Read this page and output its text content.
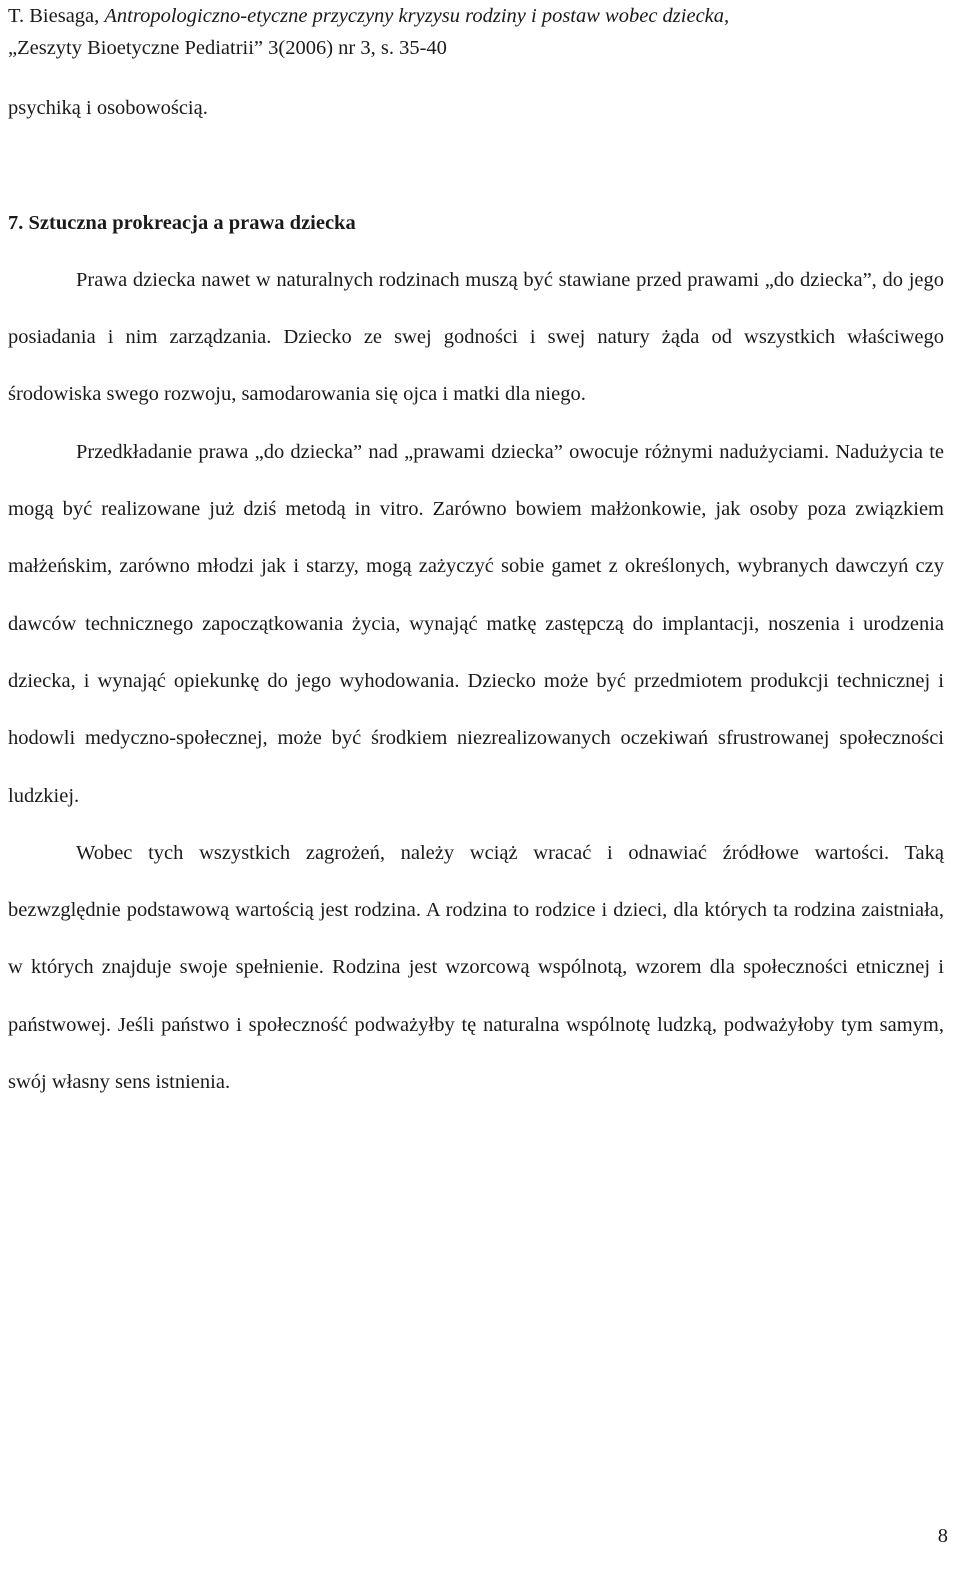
T. Biesaga, Antropologiczno-etyczne przyczyny kryzysu rodziny i postaw wobec dziecka,
„Zeszyty Bioetyczne Pediatrii” 3(2006) nr 3, s. 35-40

psychiką i osobowością.

7. Sztuczna prokreacja a prawa dziecka

Prawa dziecka nawet w naturalnych rodzinach muszą być stawiane przed prawami „do dziecka”, do jego posiadania i nim zarządzania. Dziecko ze swej godności i swej natury żąda od wszystkich właściwego środowiska swego rozwoju, samodarowania się ojca i matki dla niego.

Przedkładanie prawa „do dziecka” nad „prawami dziecka” owocuje różnymi nadużyciami. Nadużycia te mogą być realizowane już dziś metodą in vitro. Zarówno bowiem małżonkowie, jak osoby poza związkiem małżeńskim, zarówno młodzi jak i starzy, mogą zażyczyć sobie gamet z określonych, wybranych dawczyń czy dawców technicznego zapoczątkowania życia, wynająć matkę zastępczą do implantacji, noszenia i urodzenia dziecka, i wynająć opiekunkę do jego wyhodowania. Dziecko może być przedmiotem produkcji technicznej i hodowli medyczno-społecznej, może być środkiem niezrealizowanych oczekiwań sfrustrowanej społeczności ludzkiej.

Wobec tych wszystkich zagrożeń, należy wciąż wracać i odnawiać źródłowe wartości. Taką bezwzględnie podstawową wartością jest rodzina. A rodzina to rodzice i dzieci, dla których ta rodzina zaistniała, w których znajduje swoje spełnienie. Rodzina jest wzorcową wspólnotą, wzorem dla społeczności etnicznej i państwowej. Jeśli państwo i społeczność podważyłby tę naturalna wspólnotę ludzką, podważyłoby tym samym, swój własny sens istnienia.

8
